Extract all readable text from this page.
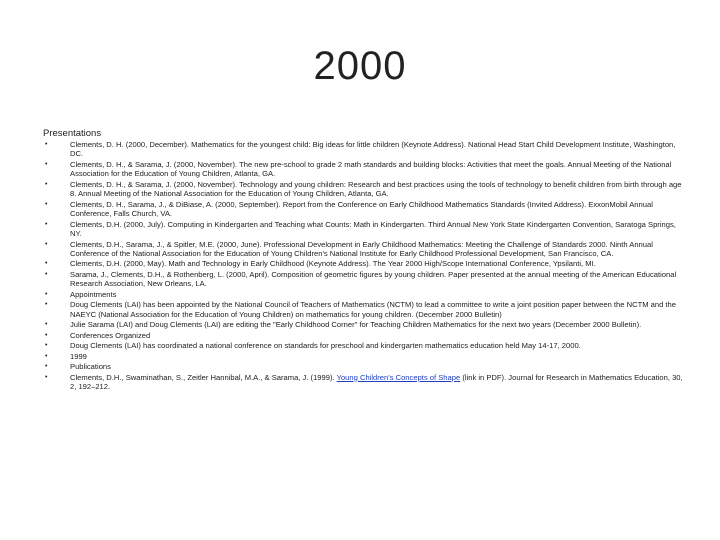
2000
Presentations
•	Clements, D. H. (2000, December). Mathematics for the youngest child: Big ideas for little children (Keynote Address). National Head Start Child Development Institute, Washington, DC.
•	Clements, D. H., & Sarama, J. (2000, November). The new pre-school to grade 2 math standards and building blocks: Activities that meet the goals. Annual Meeting of the National Association for the Education of Young Children, Atlanta, GA.
•	Clements, D. H., & Sarama, J. (2000, November). Technology and young children: Research and best practices using the tools of technology to benefit children from birth through age 8. Annual Meeting of the National Association for the Education of Young Children, Atlanta, GA.
•	Clements, D. H., Sarama, J., & DiBiase, A. (2000, September). Report from the Conference on Early Childhood Mathematics Standards (Invited Address). ExxonMobil Annual Conference, Falls Church, VA.
•	Clements, D.H. (2000, July). Computing in Kindergarten and Teaching what Counts: Math in Kindergarten. Third Annual New York State Kindergarten Convention, Saratoga Springs, NY.
•	Clements, D.H., Sarama, J., & Spitler, M.E. (2000, June). Professional Development in Early Childhood Mathematics: Meeting the Challenge of Standards 2000. Ninth Annual Conference of the National Association for the Education of Young Children's National Institute for Early Childhood Professional Development, San Francisco, CA.
•	Clements, D.H. (2000, May). Math and Technology in Early Childhood (Keynote Address). The Year 2000 High/Scope International Conference, Ypsilanti, MI.
•	Sarama, J., Clements, D.H., & Rothenberg, L. (2000, April). Composition of geometric figures by young children. Paper presented at the annual meeting of the American Educational Research Association, New Orleans, LA.
•	Appointments
•	Doug Clements (LAI) has been appointed by the National Council of Teachers of Mathematics (NCTM) to lead a committee to write a joint position paper between the NCTM and the NAEYC (National Association for the Education of Young Children) on mathematics for young children. (December 2000 Bulletin)
•	Julie Sarama (LAI) and Doug Clements (LAI) are editing the "Early Childhood Corner" for Teaching Children Mathematics for the next two years (December 2000 Bulletin).
•	Conferences Organized
•	Doug Clements (LAI) has coordinated a national conference on standards for preschool and kindergarten mathematics education held May 14-17, 2000.
•	1999
•	Publications
•	Clements, D.H., Swaminathan, S., Zeitler Hannibal, M.A., & Sarama, J. (1999). Young Children's Concepts of Shape (link in PDF). Journal for Research in Mathematics Education, 30, 2, 192–212.
